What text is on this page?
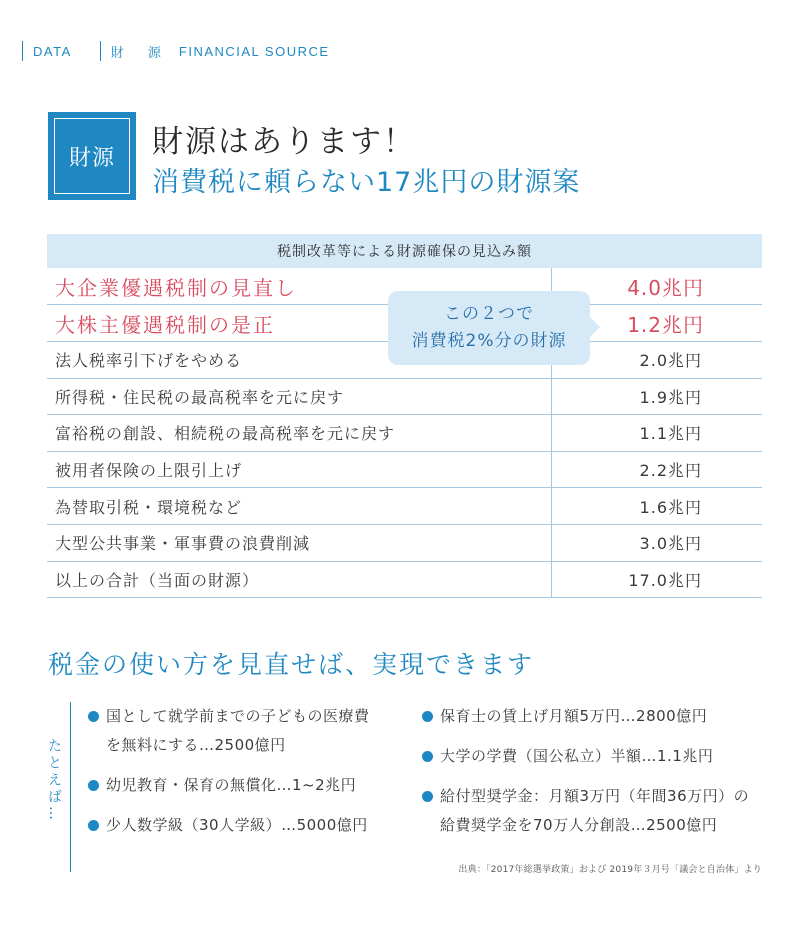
DATA	財 源 FINANCIAL SOURCE
財源	財源はあります！
消費税に頼らない17兆円の財源案
税制改革等による財源確保の見込み額
大企業優遇税制の見直し	4.0兆円
大株主優遇税制の是正	1.2兆円
法人税率引下げをやめる	2.0兆円
所得税・住民税の最高税率を元に戻す	1.9兆円
富裕税の創設、相続税の最高税率を元に戻す	1.1兆円
被用者保険の上限引上げ	2.2兆円
為替取引税・環境税など	1.6兆円
大型公共事業・軍事費の浪費削減	3.0兆円
以上の合計（当面の財源）	17.0兆円
この２つで
消費税2%分の財源
税金の使い方を見直せば、実現できます
たとえば…
国として就学前までの子どもの医療費
を無料にする…2500億円
幼児教育・保育の無償化…1~2兆円
少人数学級（30人学級）…5000億円
保育士の賃上げ月額5万円…2800億円
大学の学費（国公私立）半額…1.1兆円
給付型奨学金：月額3万円（年間36万円）の
給費奨学金を70万人分創設…2500億円
出典：「2017年総選挙政策」および 2019年３月号「議会と自治体」より
